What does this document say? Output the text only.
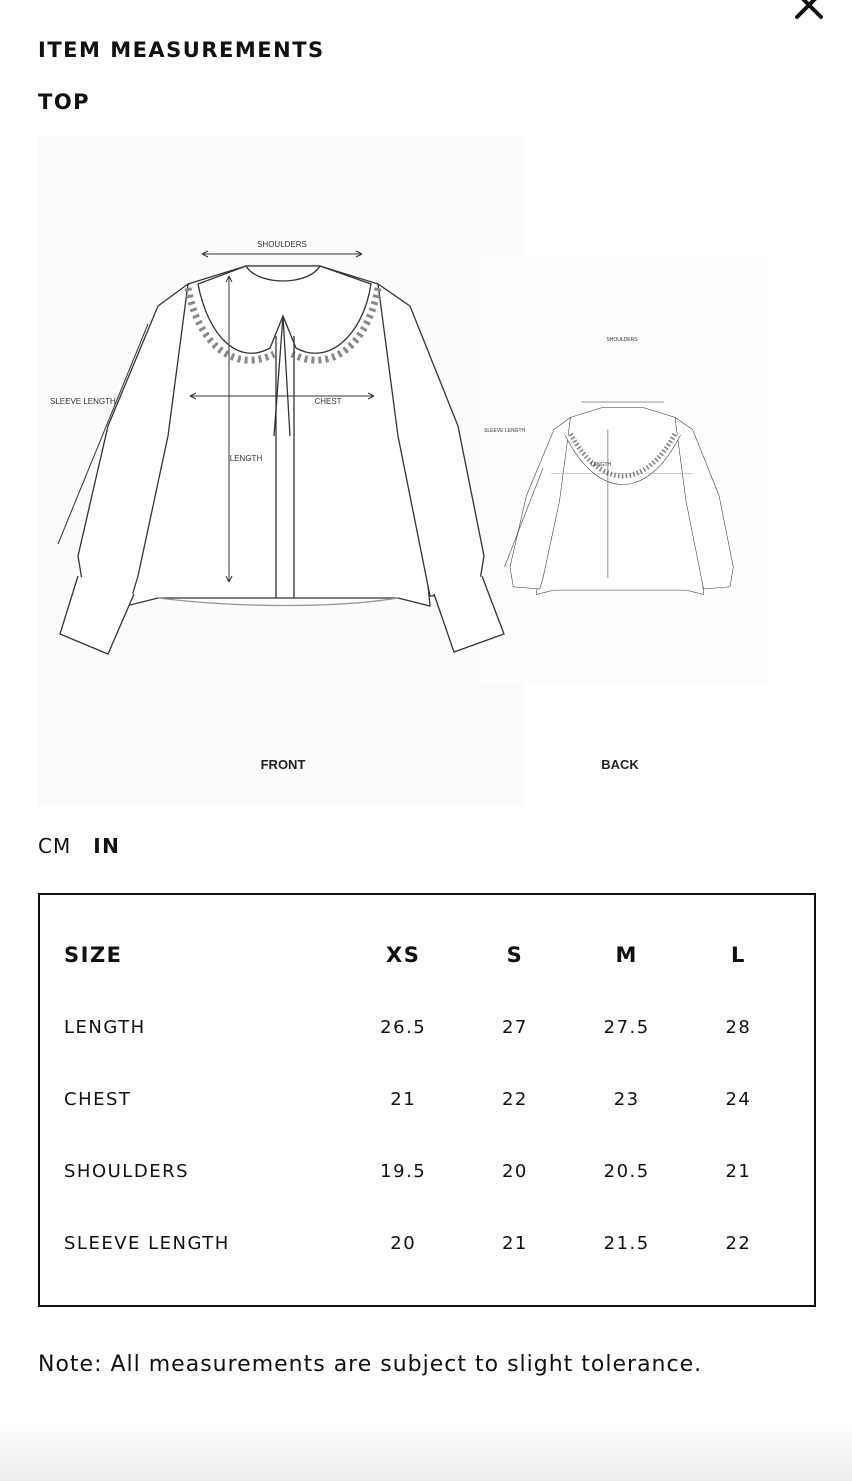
ITEM MEASUREMENTS
TOP
SHOULDERS
CHEST
LENGTH
SLEEVE LENGTH
SHOULDERS
LENGTH
SLEEVE LENGTH
FRONT	BACK
CM IN
SIZE	XS	S	M	L
LENGTH	26.5	27	27.5	28
CHEST	21	22	23	24
SHOULDERS	19.5	20	20.5	21
SLEEVE LENGTH	20	21	21.5	22
Note: All measurements are subject to slight tolerance.
